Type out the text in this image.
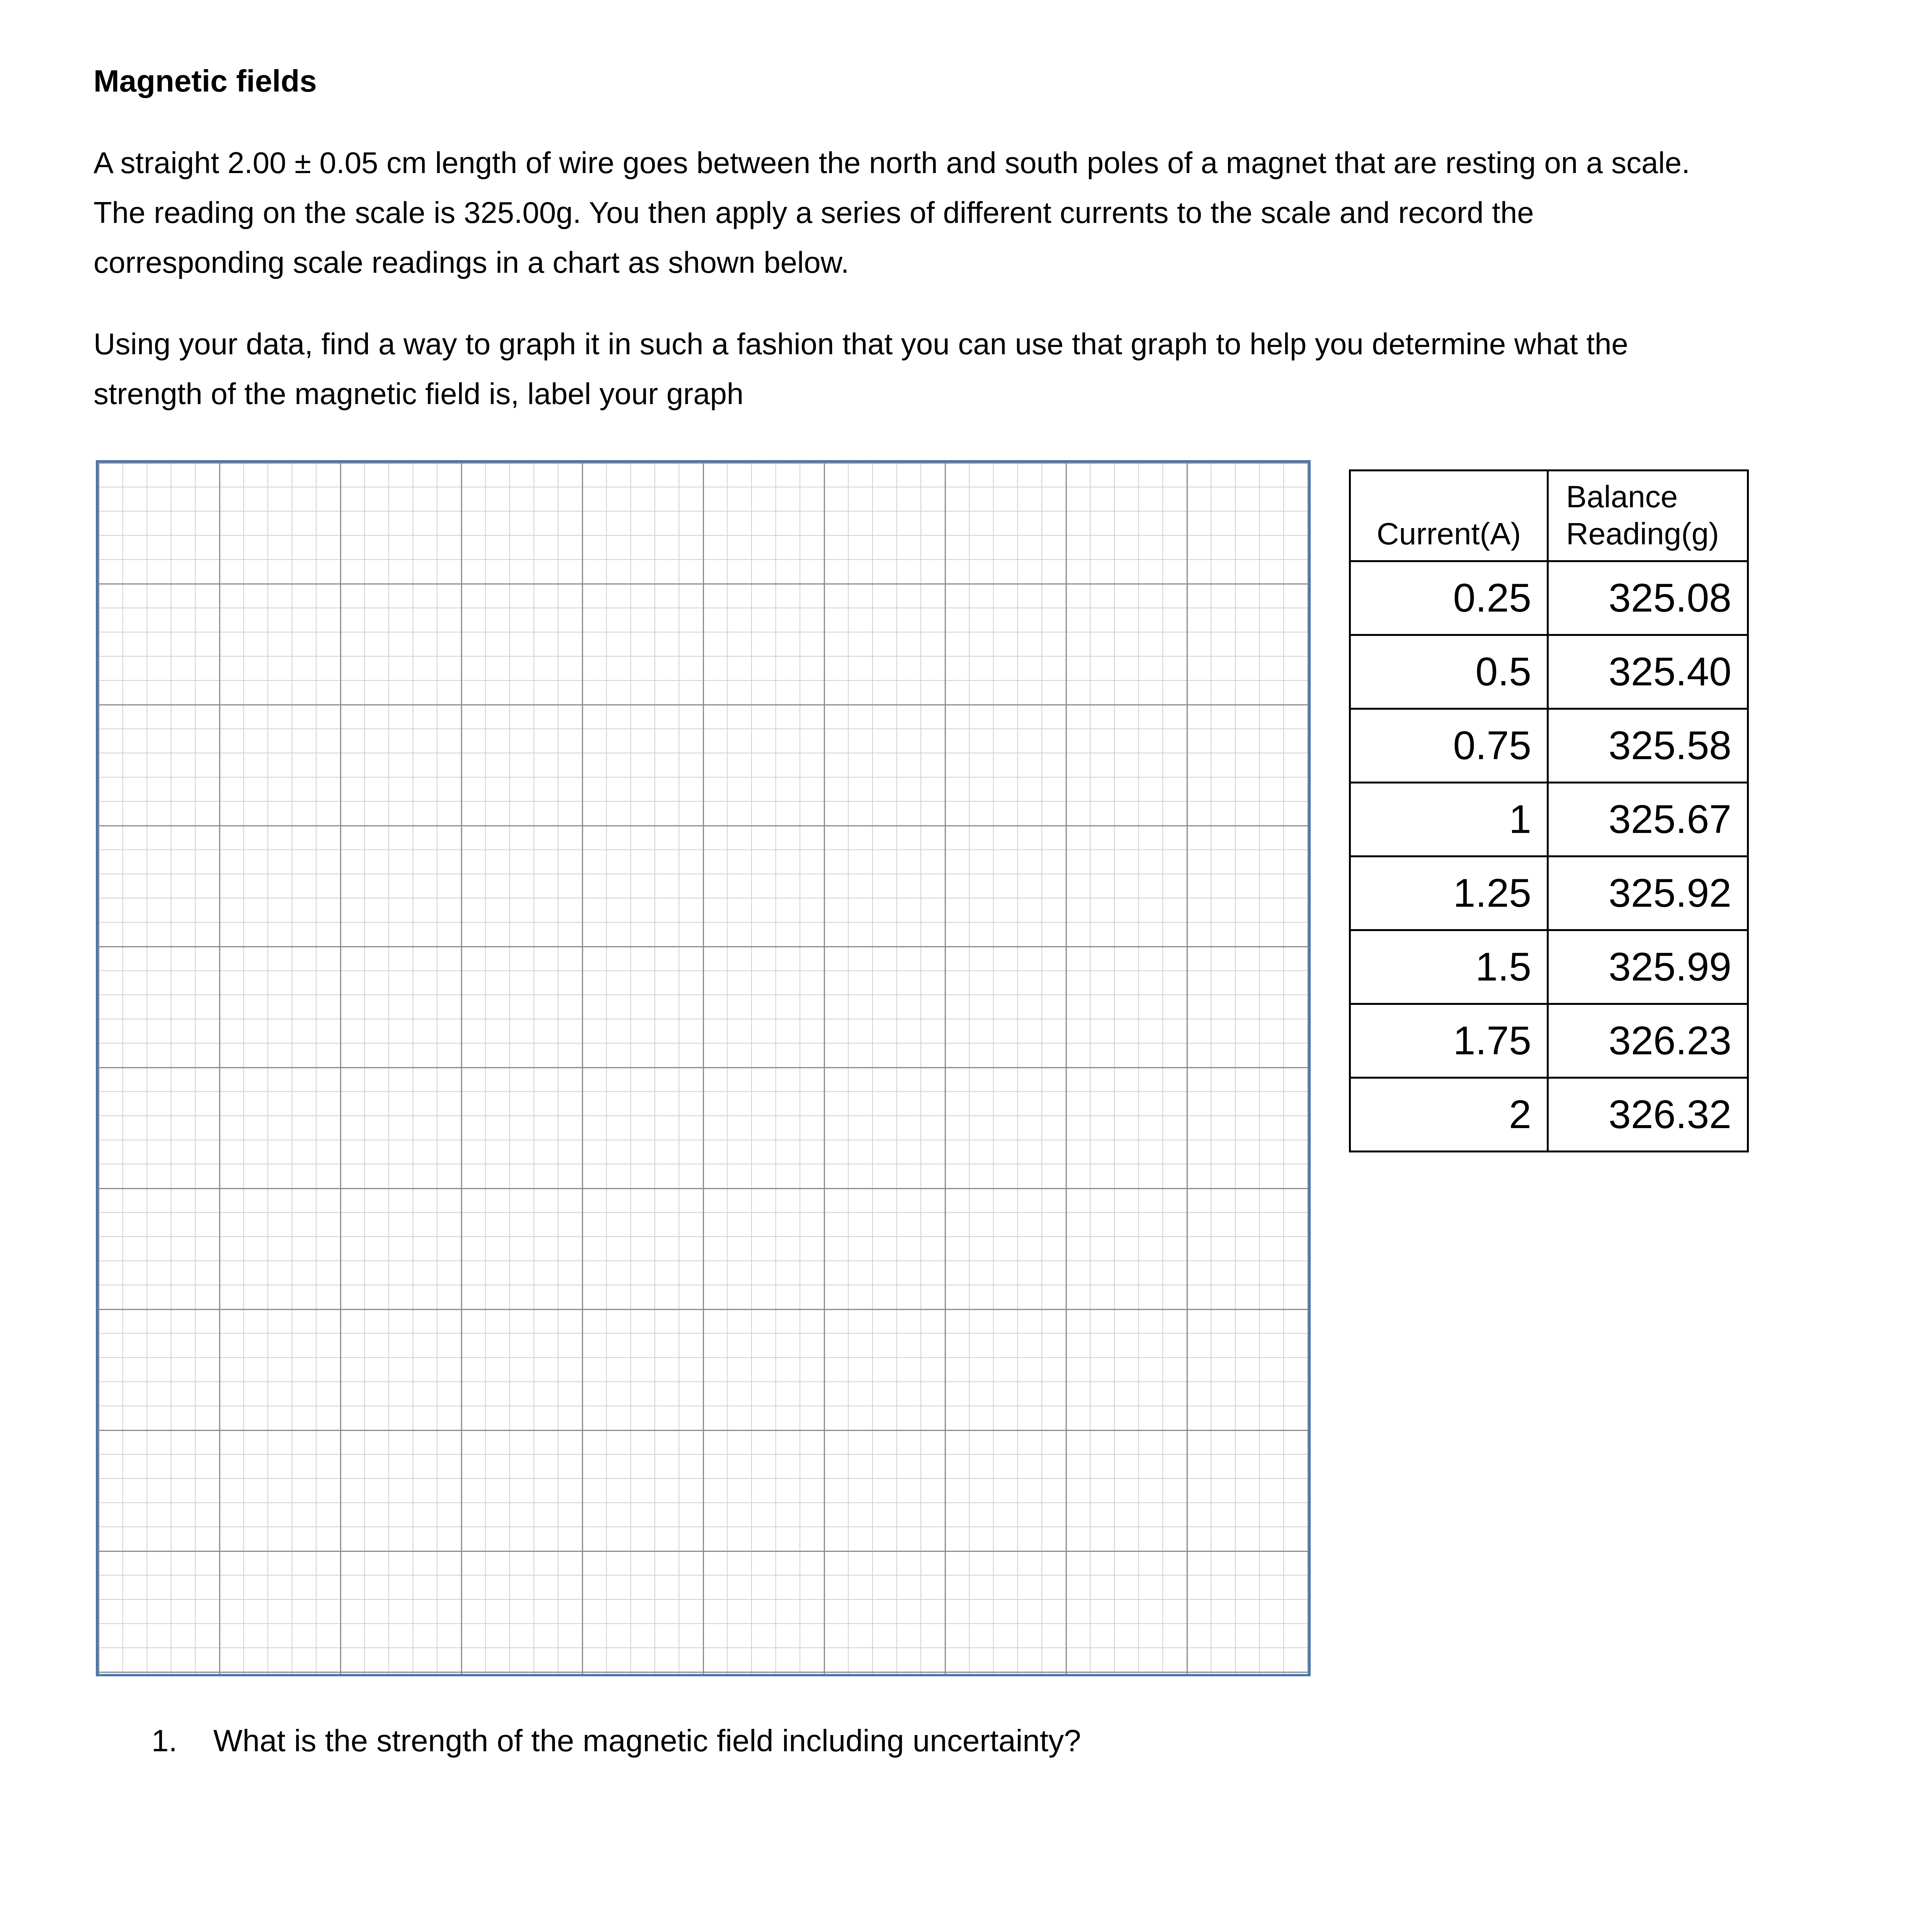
Magnetic fields

A straight 2.00 ± 0.05 cm length of wire goes between the north and south poles of a magnet that are resting on a scale.
The reading on the scale is 325.00g. You then apply a series of different currents to the scale and record the
corresponding scale readings in a chart as shown below.

Using your data, find a way to graph it in such a fashion that you can use that graph to help you determine what the
strength of the magnetic field is, label your graph

Current(A)	Balance
Reading(g)
0.25	325.08
0.5	325.40
0.75	325.58
1	325.67
1.25	325.92
1.5	325.99
1.75	326.23
2	326.32
1. What is the strength of the magnetic field including uncertainty?
